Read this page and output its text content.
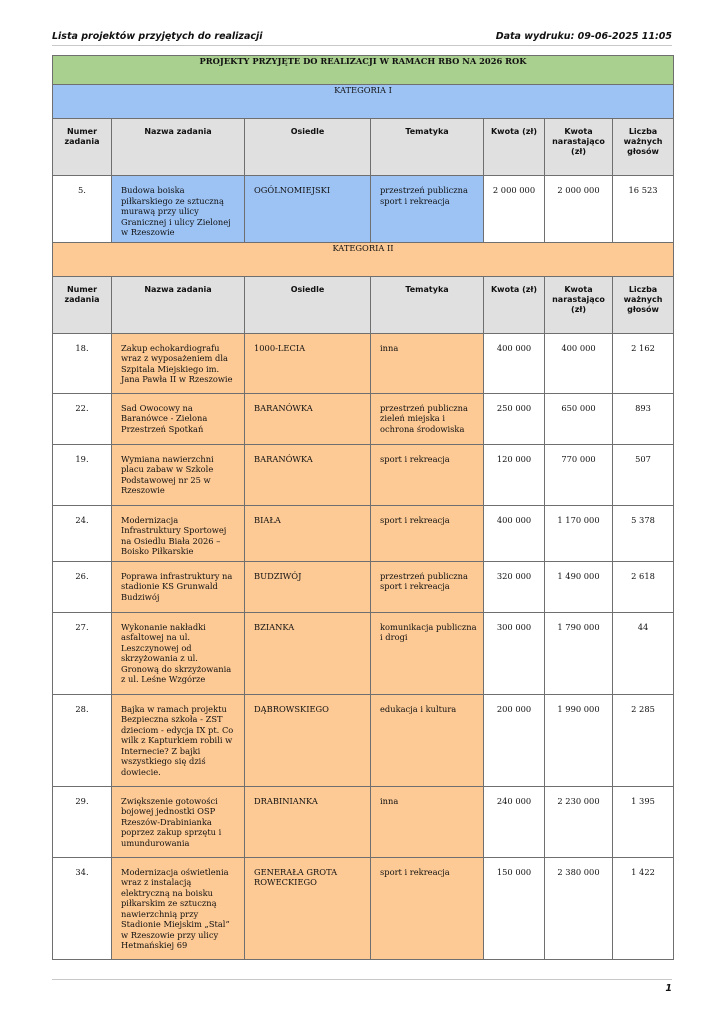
Lista projektów przyjętych do realizacji	Data wydruku: 09-06-2025 11:05
PROJEKTY PRZYJĘTE DO REALIZACJI W RAMACH RBO NA 2026 ROK						
KATEGORIA I						
Numer zadania	Nazwa zadania	Osiedle	Tematyka	Kwota (zł)	Kwota narastająco (zł)	Liczba ważnych głosów
5.	Budowa boiska piłkarskiego ze sztuczną murawą przy ulicy Granicznej i ulicy Zielonej w Rzeszowie	OGÓLNOMIEJSKI	przestrzeń publiczna sport i rekreacja	2 000 000	2 000 000	16 523
KATEGORIA II						
Numer zadania	Nazwa zadania	Osiedle	Tematyka	Kwota (zł)	Kwota narastająco (zł)	Liczba ważnych głosów
18.	Zakup echokardiografu wraz z wyposażeniem dla Szpitala Miejskiego im. Jana Pawła II w Rzeszowie	1000-LECIA	inna	400 000	400 000	2 162
22.	Sad Owocowy na Baranówce - Zielona Przestrzeń Spotkań	BARANÓWKA	przestrzeń publiczna zieleń miejska i ochrona środowiska	250 000	650 000	893
19.	Wymiana nawierzchni placu zabaw w Szkole Podstawowej nr 25 w Rzeszowie	BARANÓWKA	sport i rekreacja	120 000	770 000	507
24.	Modernizacja Infrastruktury Sportowej na Osiedlu Biała 2026 – Boisko Piłkarskie	BIAŁA	sport i rekreacja	400 000	1 170 000	5 378
26.	Poprawa infrastruktury na stadionie KS Grunwald Budziwój	BUDZIWÓJ	przestrzeń publiczna sport i rekreacja	320 000	1 490 000	2 618
27.	Wykonanie nakładki asfaltowej na ul. Leszczynowej od skrzyżowania z ul. Gronową do skrzyżowania z ul. Leśne Wzgórze	BZIANKA	komunikacja publiczna i drogi	300 000	1 790 000	44
28.	Bajka w ramach projektu Bezpieczna szkoła - ZST dzieciom - edycja IX pt. Co wilk z Kapturkiem robili w Internecie? Z bajki wszystkiego się dziś dowiecie.	DĄBROWSKIEGO	edukacja i kultura	200 000	1 990 000	2 285
29.	Zwiększenie gotowości bojowej jednostki OSP Rzeszów-Drabinianka poprzez zakup sprzętu i umundurowania	DRABINIANKA	inna	240 000	2 230 000	1 395
34.	Modernizacja oświetlenia wraz z instalacją elektryczną na boisku piłkarskim ze sztuczną nawierzchnią przy Stadionie Miejskim „Stal” w Rzeszowie przy ulicy Hetmańskiej 69	GENERAŁA GROTA ROWECKIEGO	sport i rekreacja	150 000	2 380 000	1 422
1
